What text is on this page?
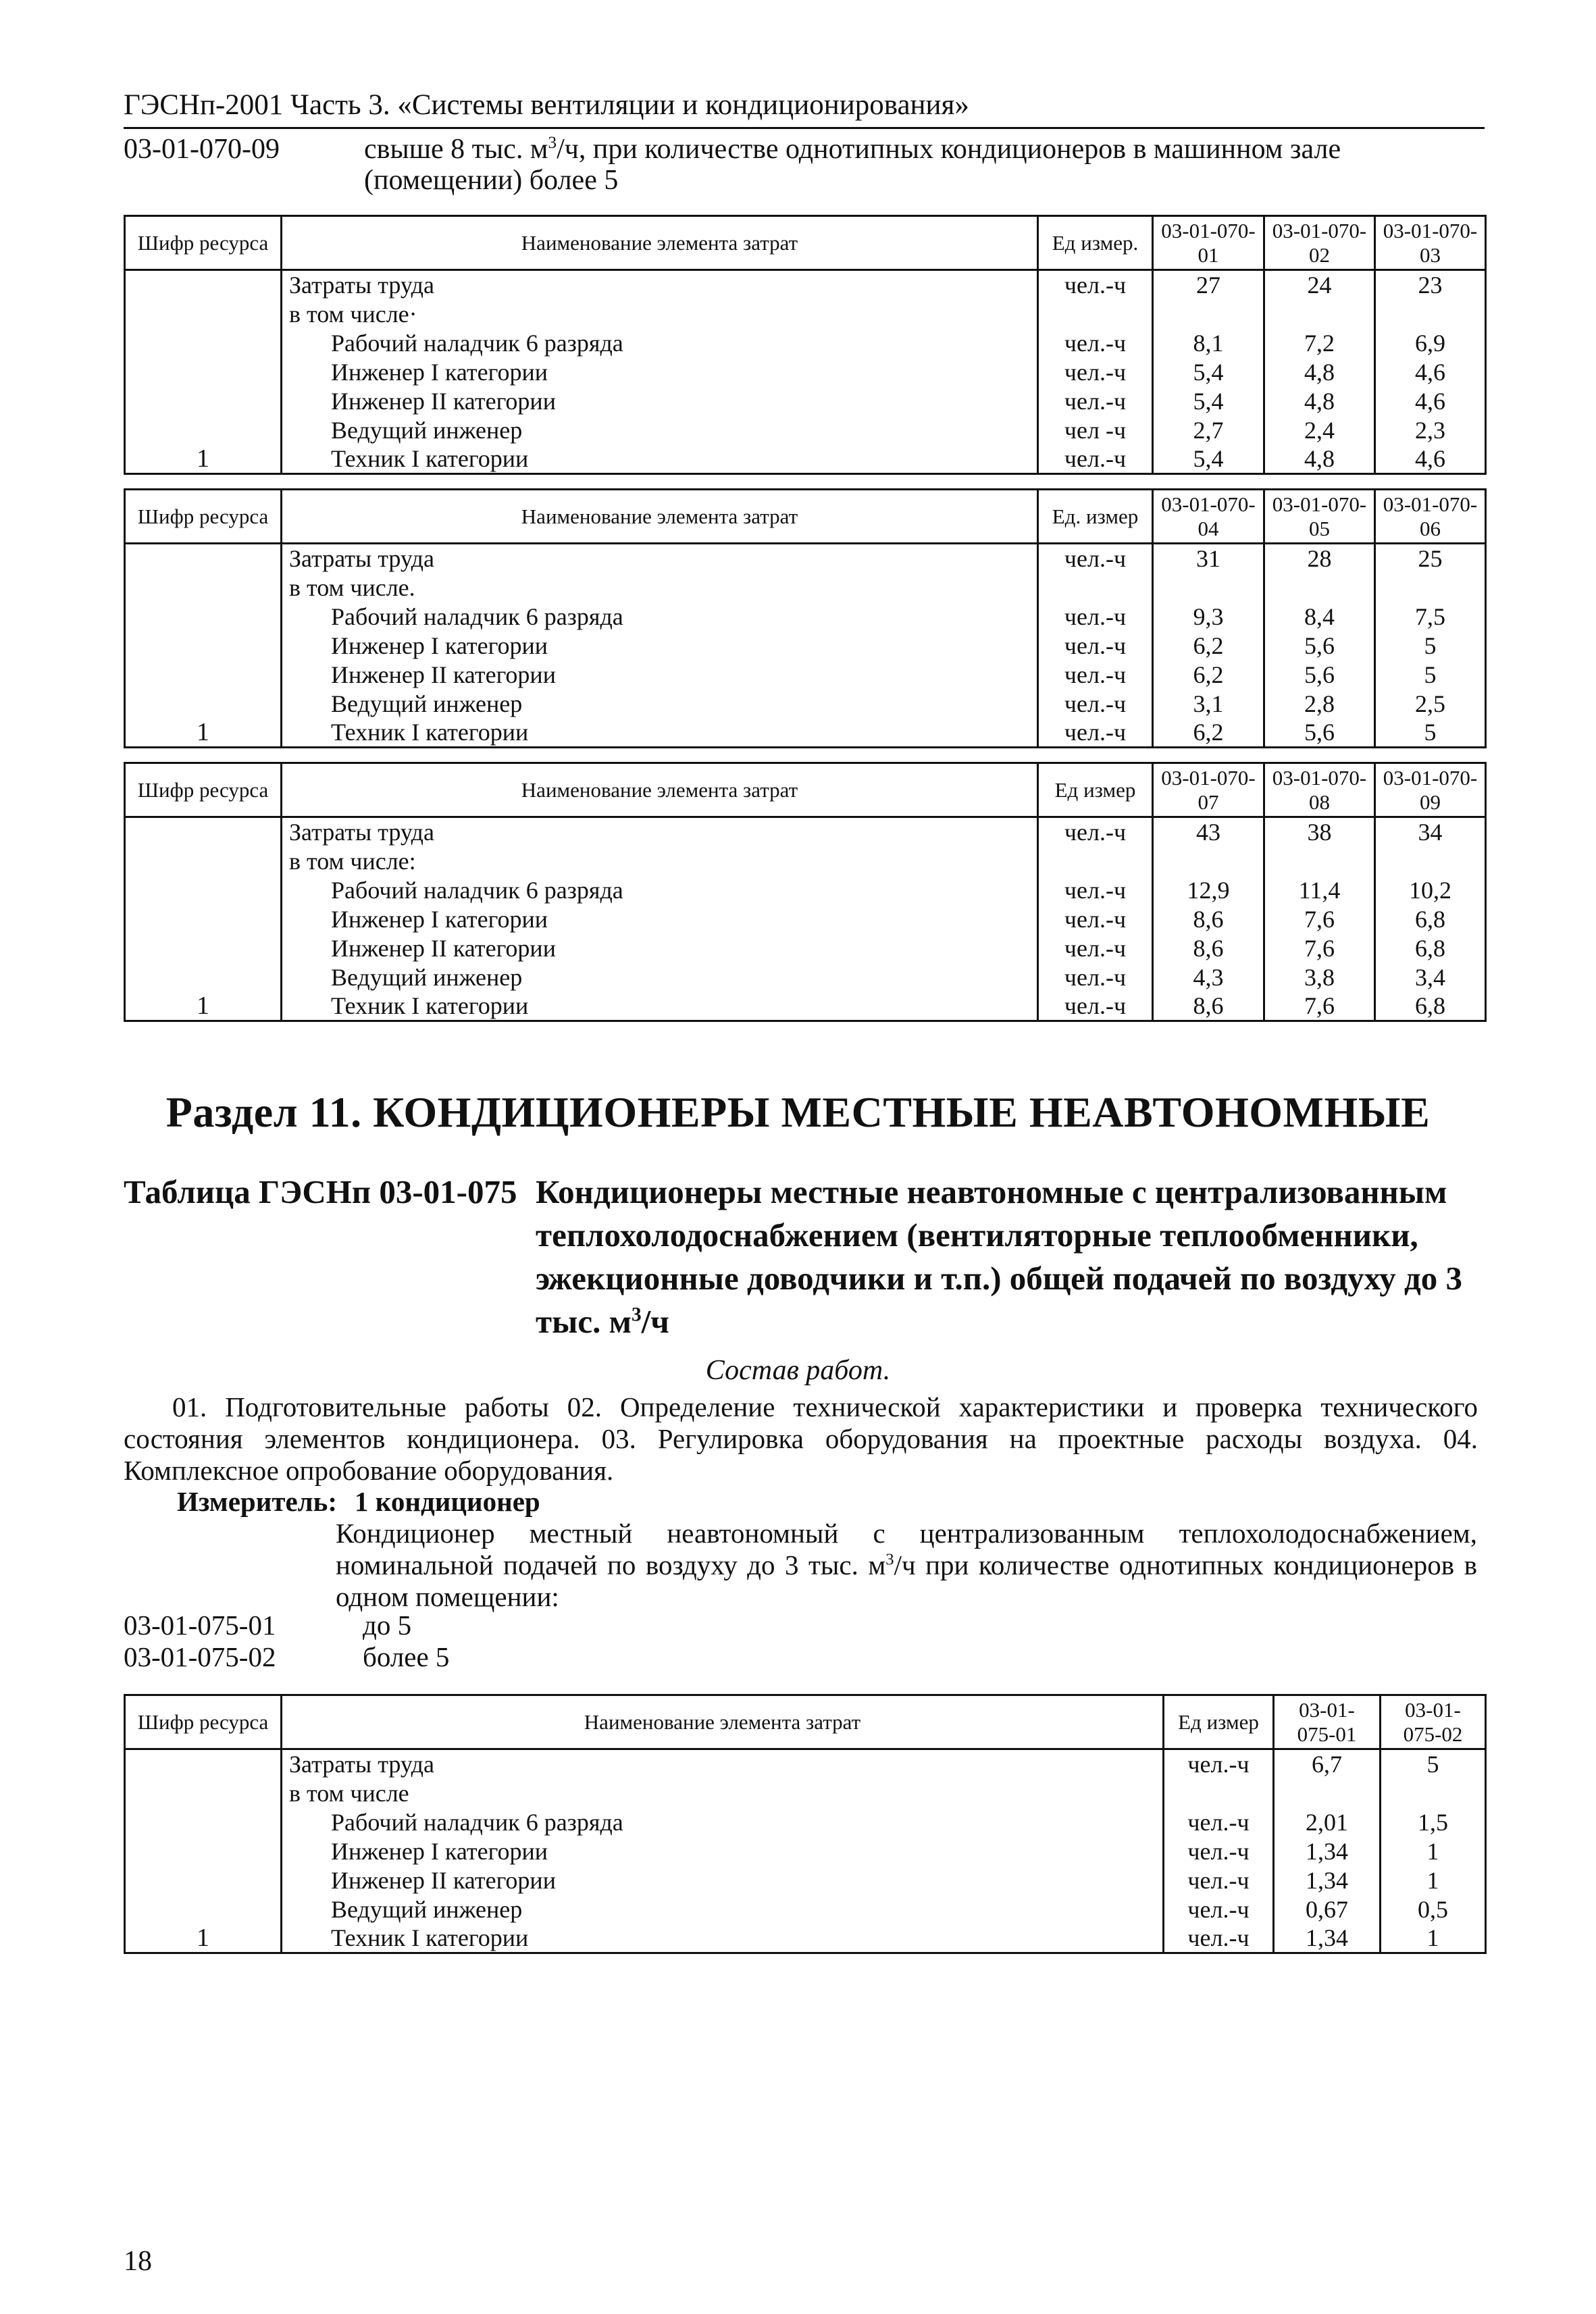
ГЭСНп-2001 Часть 3. «Системы вентиляции и кондиционирования»
03-01-070-09	свыше 8 тыс. $м^3/ч$, при количестве однотипных кондиционеров в машинном зале (помещении) более 5
Шифр ресурса	Наименование элемента затрат	Ед измер.	03-01-070-01	03-01-070-02	03-01-070-03
1	Затраты труда	чел.-ч	27	24	23
	в том числе·				
	Рабочий наладчик 6 разряда	чел.-ч	8,1	7,2	6,9
	Инженер I категории	чел.-ч	5,4	4,8	4,6
	Инженер II категории	чел.-ч	5,4	4,8	4,6
	Ведущий инженер	чел -ч	2,7	2,4	2,3
	Техник I категории	чел.-ч	5,4	4,8	4,6
Шифр ресурса	Наименование элемента затрат	Ед. измер	03-01-070-04	03-01-070-05	03-01-070-06
1	Затраты труда	чел.-ч	31	28	25
	в том числе.				
	Рабочий наладчик 6 разряда	чел.-ч	9,3	8,4	7,5
	Инженер I категории	чел.-ч	6,2	5,6	5
	Инженер II категории	чел.-ч	6,2	5,6	5
	Ведущий инженер	чел.-ч	3,1	2,8	2,5
	Техник I категории	чел.-ч	6,2	5,6	5
Шифр ресурса	Наименование элемента затрат	Ед измер	03-01-070-07	03-01-070-08	03-01-070-09
1	Затраты труда	чел.-ч	43	38	34
	в том числе:				
	Рабочий наладчик 6 разряда	чел.-ч	12,9	11,4	10,2
	Инженер I категории	чел.-ч	8,6	7,6	6,8
	Инженер II категории	чел.-ч	8,6	7,6	6,8
	Ведущий инженер	чел.-ч	4,3	3,8	3,4
	Техник I категории	чел.-ч	8,6	7,6	6,8
Раздел 11. КОНДИЦИОНЕРЫ МЕСТНЫЕ НЕАВТОНОМНЫЕ
Таблица ГЭСНп 03-01-075 Кондиционеры местные неавтономные с централизованным теплохолодоснабжением (вентиляторные теплообменники, эжекционные доводчики и т.п.) общей подачей по воздуху до 3 тыс. $м^3/ч$
Состав работ.
01. Подготовительные работы 02. Определение технической характеристики и проверка технического состояния элементов кондиционера. 03. Регулировка оборудования на проектные расходы воздуха. 04. Комплексное опробование оборудования.
Измеритель: 1 кондиционер
Кондиционер местный неавтономный с централизованным теплохолодоснабжением, номинальной подачей по воздуху до 3 тыс. $м^3/ч$ при количестве однотипных кондиционеров в одном помещении:
03-01-075-01	до 5
03-01-075-02	более 5
Шифр ресурса	Наименование элемента затрат	Ед измер	03-01-075-01	03-01-075-02
1	Затраты труда	чел.-ч	6,7	5
	в том числе			
	Рабочий наладчик 6 разряда	чел.-ч	2,01	1,5
	Инженер I категории	чел.-ч	1,34	1
	Инженер II категории	чел.-ч	1,34	1
	Ведущий инженер	чел.-ч	0,67	0,5
	Техник I категории	чел.-ч	1,34	1
18
